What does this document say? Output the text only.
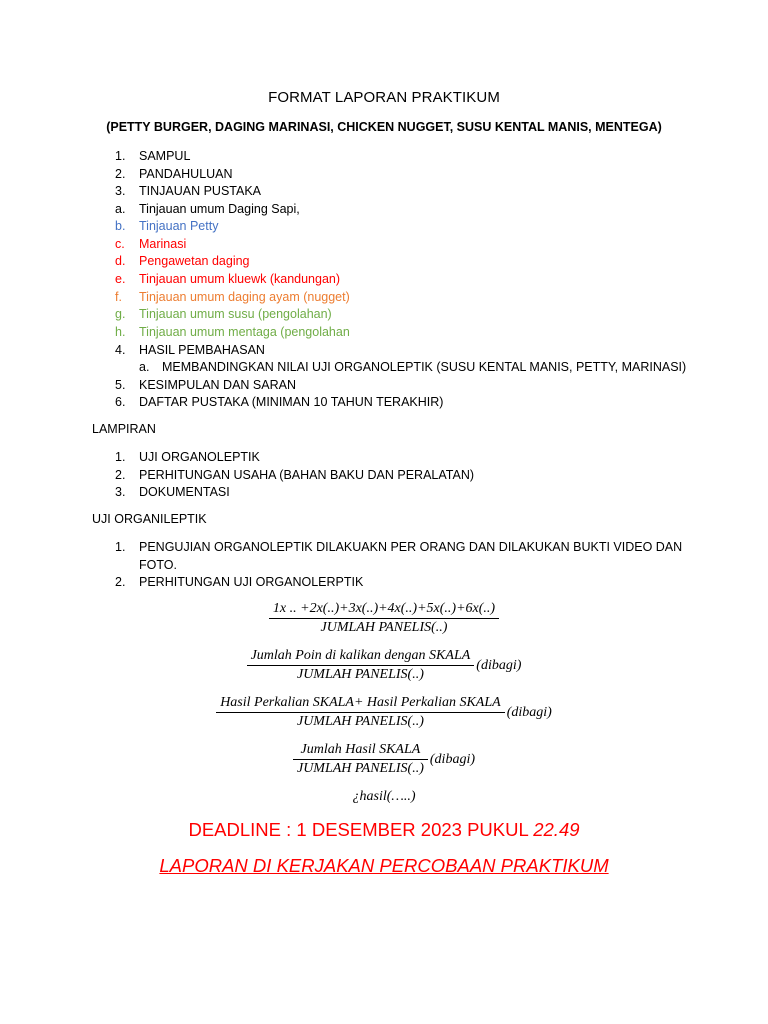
FORMAT LAPORAN PRAKTIKUM
(PETTY BURGER, DAGING MARINASI, CHICKEN NUGGET, SUSU KENTAL MANIS, MENTEGA)
1. SAMPUL
2. PANDAHULUAN
3. TINJAUAN PUSTAKA
a. Tinjauan umum Daging Sapi,
b. Tinjauan Petty
c. Marinasi
d. Pengawetan daging
e. Tinjauan umum kluewk (kandungan)
f. Tinjauan umum daging ayam (nugget)
g. Tinjauan umum susu (pengolahan)
h. Tinjauan umum mentaga (pengolahan
4. HASIL PEMBAHASAN
a. MEMBANDINGKAN NILAI UJI ORGANOLEPTIK (SUSU KENTAL MANIS, PETTY, MARINASI)
5. KESIMPULAN DAN SARAN
6. DAFTAR PUSTAKA (MINIMAN 10 TAHUN TERAKHIR)
LAMPIRAN
1. UJI ORGANOLEPTIK
2. PERHITUNGAN USAHA (BAHAN BAKU DAN PERALATAN)
3. DOKUMENTASI
UJI ORGANILEPTIK
1. PENGUJIAN ORGANOLEPTIK DILAKUAKN PER ORANG DAN DILAKUKAN BUKTI VIDEO DAN
FOTO.
2. PERHITUNGAN UJI ORGANOLERPTIK
$\frac{1x .. +2x(..)+3x(..)+4x(..)+5x(..)+6x(..)}{\text{JUMLAH PANELIS(..)}}$
$\frac{\text{Jumlah Poin di kalikan dengan SKALA}}{\text{JUMLAH PANELIS(..)}}$ (dibagi)
$\frac{\text{Hasil Perkalian SKALA+ Hasil Perkalian SKALA}}{\text{JUMLAH PANELIS(..)}}$ (dibagi)
$\frac{\text{Jumlah Hasil SKALA}}{\text{JUMLAH PANELIS(..)}}$ (dibagi)
¿hasil(…..)
DEADLINE : 1 DESEMBER 2023 PUKUL 22.49
LAPORAN DI KERJAKAN PERCOBAAN PRAKTIKUM
